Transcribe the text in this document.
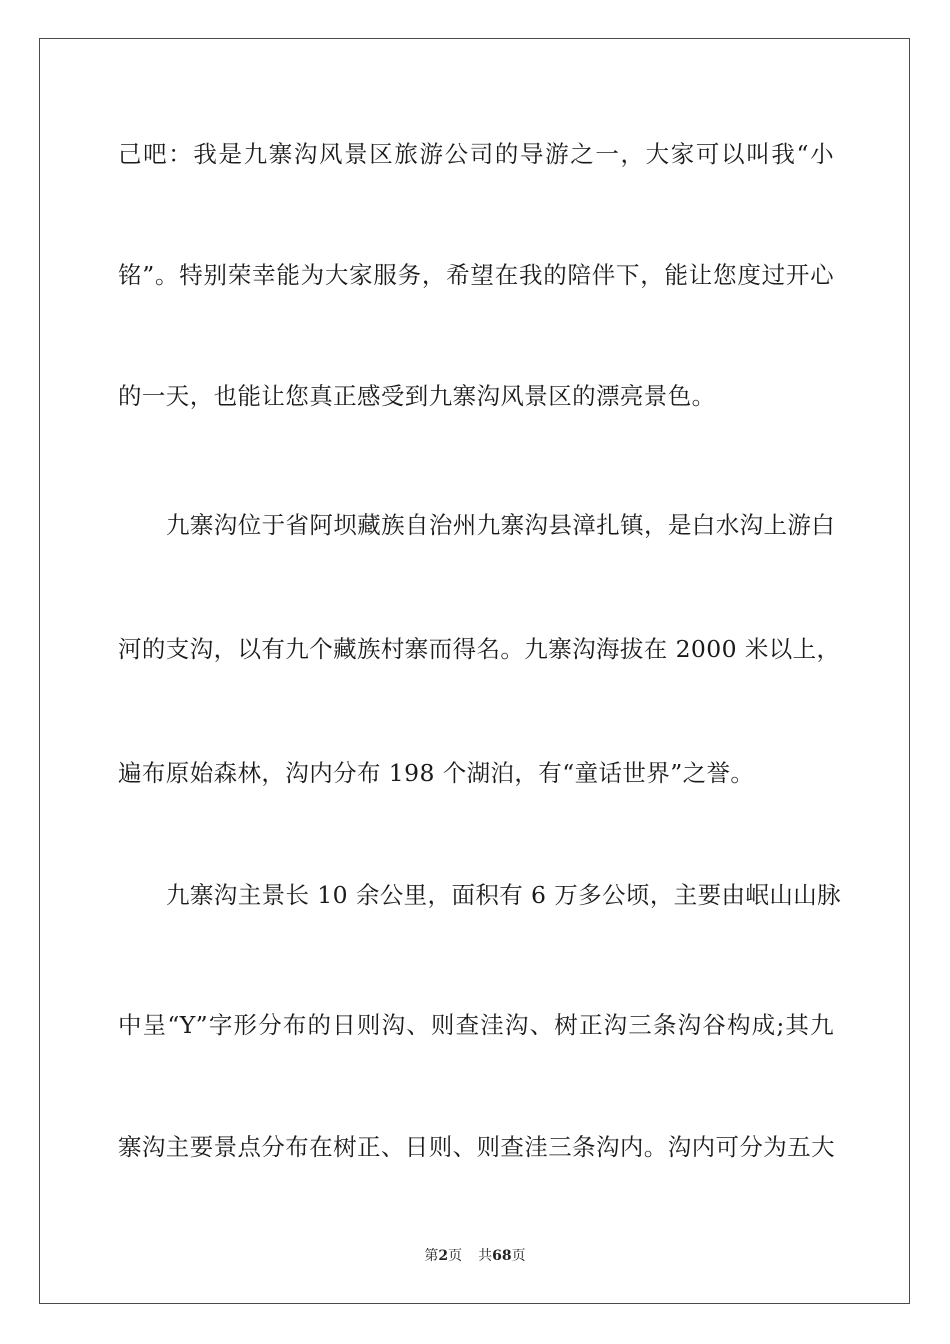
己吧：我是九寨沟风景区旅游公司的导游之一，大家可以叫我“小
铭”。特别荣幸能为大家服务，希望在我的陪伴下，能让您度过开心
的一天，也能让您真正感受到九寨沟风景区的漂亮景色。
九寨沟位于省阿坝藏族自治州九寨沟县漳扎镇，是白水沟上游白
河的支沟，以有九个藏族村寨而得名。九寨沟海拔在 2000 米以上，
遍布原始森林，沟内分布 198 个湖泊，有“童话世界”之誉。
九寨沟主景长 10 余公里，面积有 6 万多公顷，主要由岷山山脉
中呈“Y”字形分布的日则沟、则查洼沟、树正沟三条沟谷构成;其九
寨沟主要景点分布在树正、日则、则查洼三条沟内。沟内可分为五大
第2页 共68页
